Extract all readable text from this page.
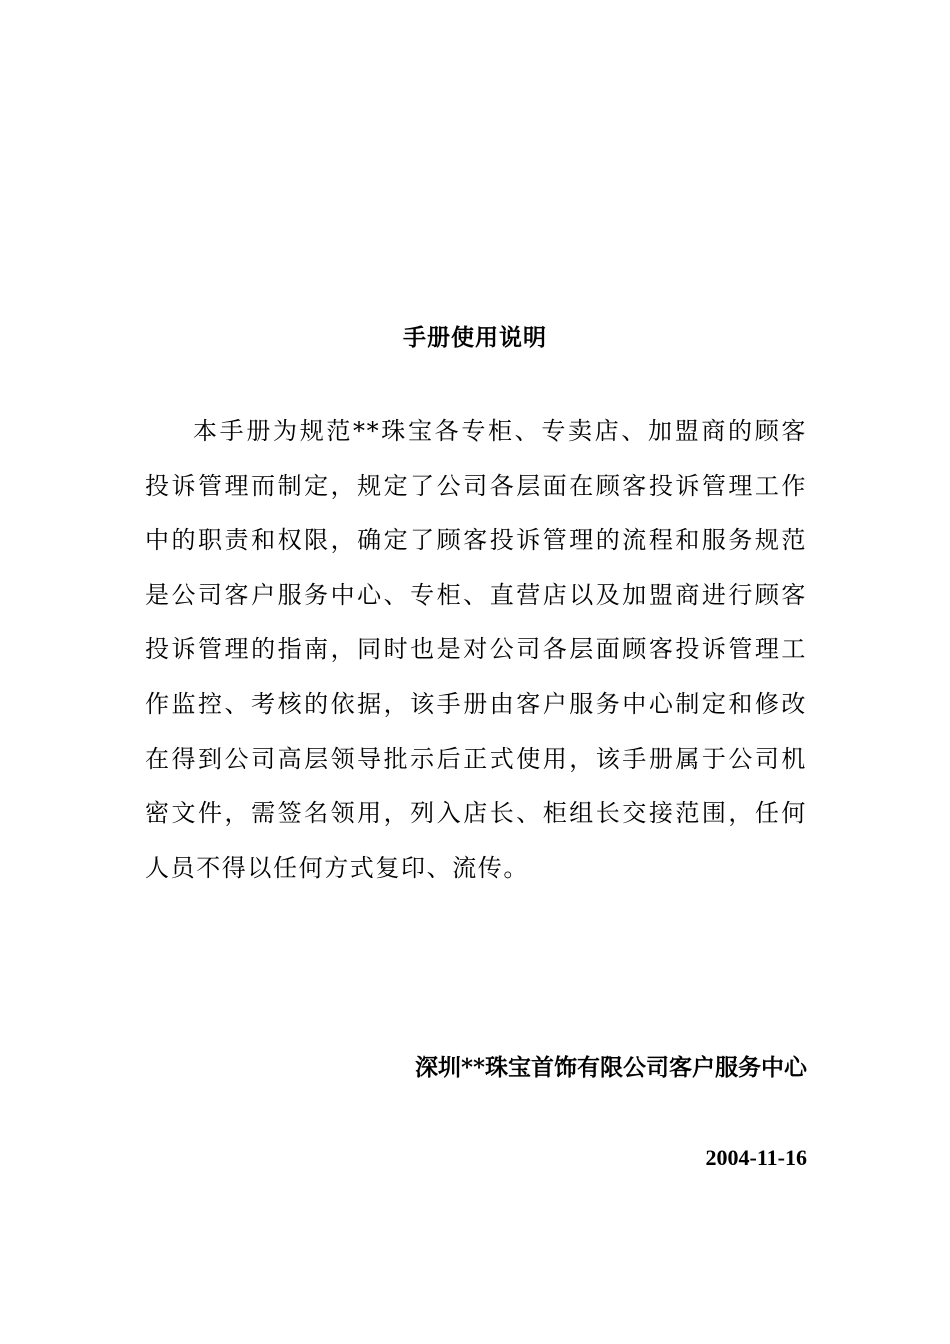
手册使用说明
本手册为规范**珠宝各专柜、专卖店、加盟商的顾客
投诉管理而制定，规定了公司各层面在顾客投诉管理工作
中的职责和权限，确定了顾客投诉管理的流程和服务规范
是公司客户服务中心、专柜、直营店以及加盟商进行顾客
投诉管理的指南，同时也是对公司各层面顾客投诉管理工
作监控、考核的依据，该手册由客户服务中心制定和修改
在得到公司高层领导批示后正式使用，该手册属于公司机
密文件，需签名领用，列入店长、柜组长交接范围，任何
人员不得以任何方式复印、流传。
深圳**珠宝首饰有限公司客户服务中心
2004-11-16
